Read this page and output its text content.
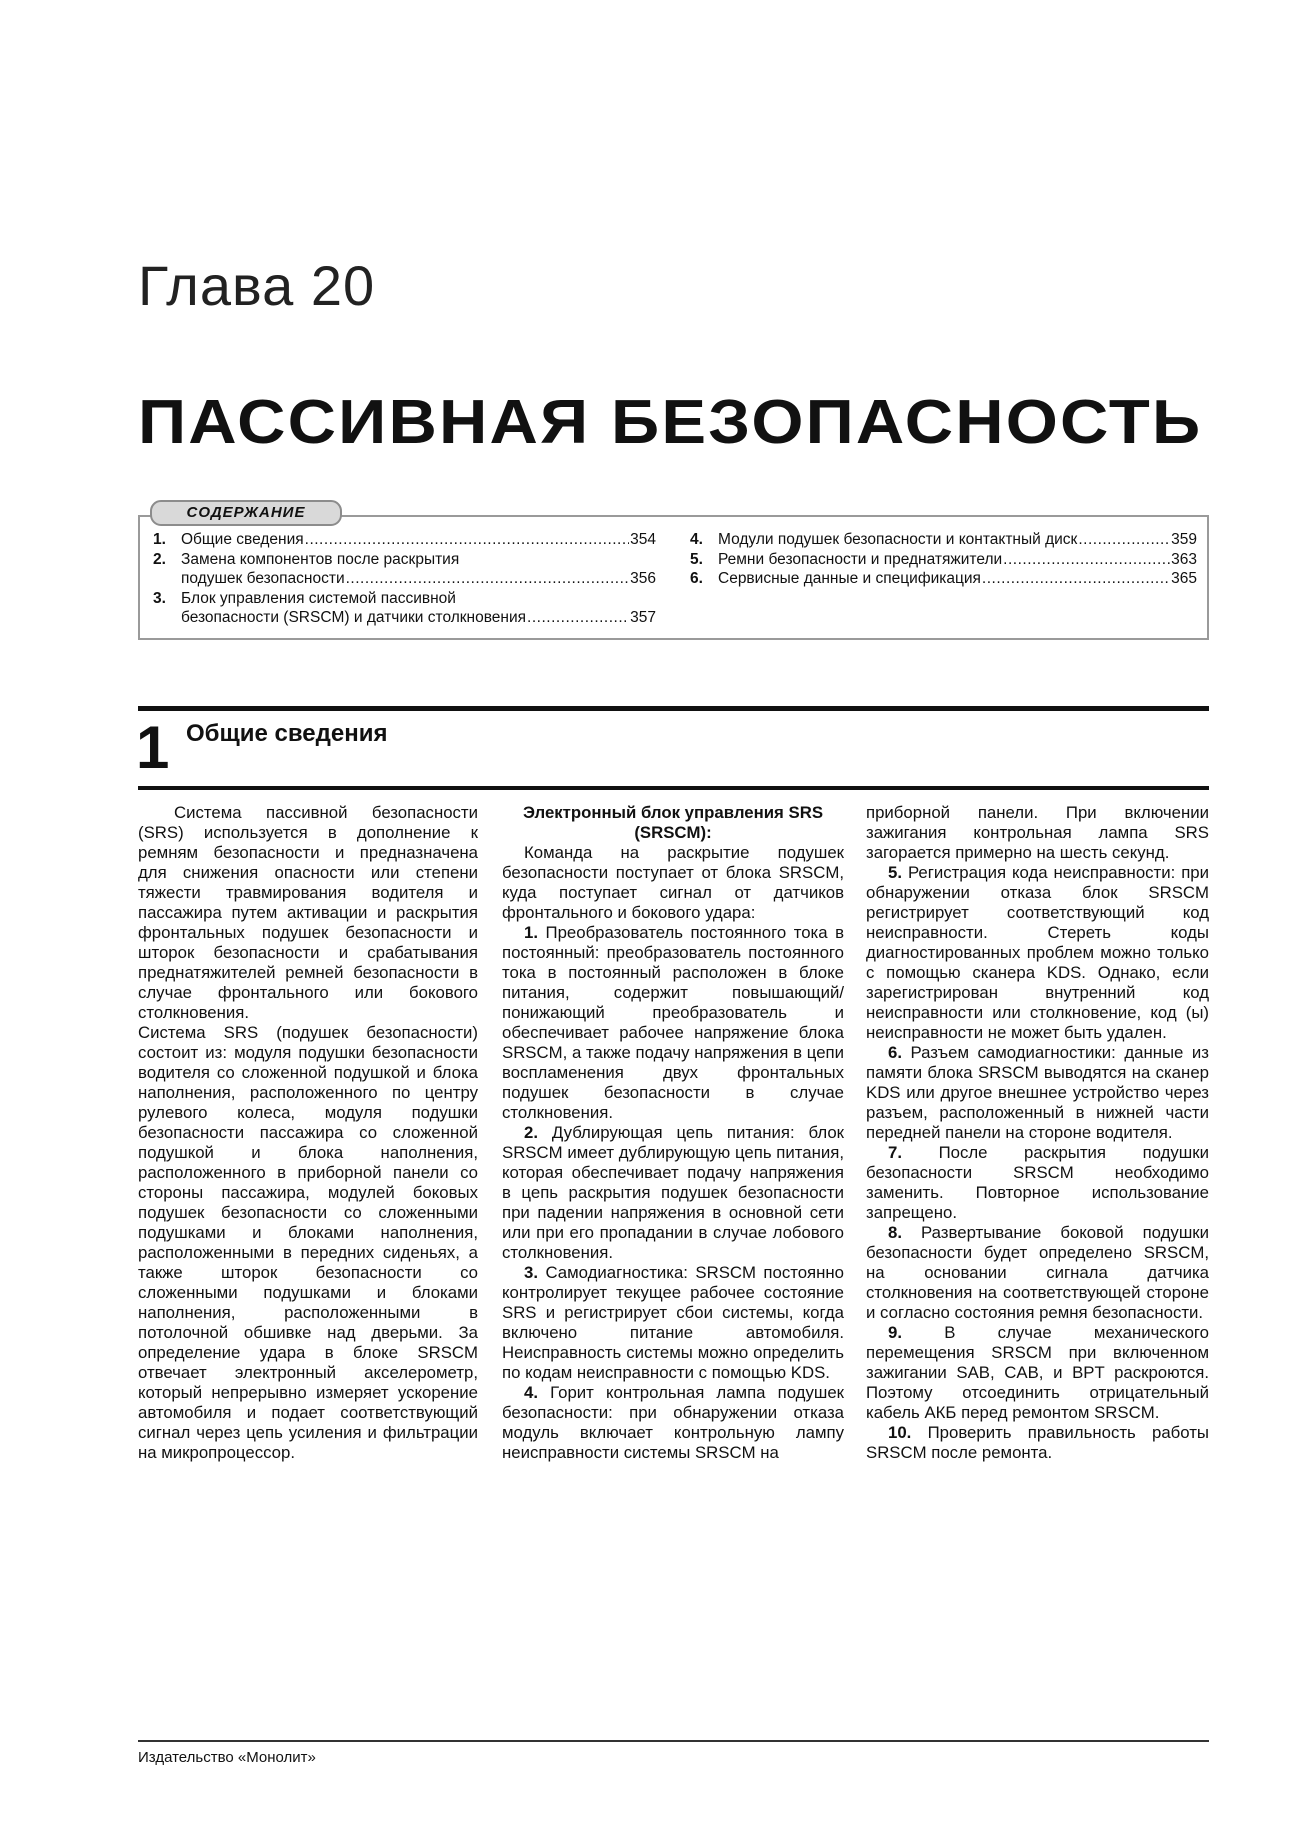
Глава 20
ПАССИВНАЯ БЕЗОПАСНОСТЬ
СОДЕРЖАНИЕ
1. Общие сведения .....	354
2. Замена компонентов после раскрытия
подушек безопасности .....	356
3. Блок управления системой пассивной
безопасности (SRSCM) и датчики столкновения .....	357
4. Модули подушек безопасности и контактный диск .....	359
5. Ремни безопасности и преднатяжители .....	363
6. Сервисные данные и спецификация .....	365
1 Общие сведения

Система пассивной безопасности (SRS) используется в дополнение к ремням безопасности и предназначена для снижения опасности или степени тяжести травмирования водителя и пассажира путем активации и раскрытия фронтальных подушек безопасности и шторок безопасности и срабатывания преднатяжителей ремней безопасности в случае фронтального или бокового столкновения.

Система SRS (подушек безопасности) состоит из: модуля подушки безопасности водителя со сложенной подушкой и блока наполнения, расположенного по центру рулевого колеса, модуля подушки безопасности пассажира со сложенной подушкой и блока наполнения, расположенного в приборной панели со стороны пассажира, модулей боковых подушек безопасности со сложенными подушками и блоками наполнения, расположенными в передних сиденьях, а также шторок безопасности со сложенными подушками и блоками наполнения, расположенными в потолочной обшивке над дверьми. За определение удара в блоке SRSCM отвечает электронный акселерометр, который непрерывно измеряет ускорение автомобиля и подает соответствующий сигнал через цепь усиления и фильтрации на микропроцессор.

Электронный блок управления SRS (SRSCM):

Команда на раскрытие подушек безопасности поступает от блока SRSCM, куда поступает сигнал от датчиков фронтального и бокового удара:

1. Преобразователь постоянного тока в постоянный: преобразователь постоянного тока в постоянный расположен в блоке питания, содержит повышающий/понижающий преобразователь и обеспечивает рабочее напряжение блока SRSCM, а также подачу напряжения в цепи воспламенения двух фронтальных подушек безопасности в случае столкновения.

2. Дублирующая цепь питания: блок SRSCM имеет дублирующую цепь питания, которая обеспечивает подачу напряжения в цепь раскрытия подушек безопасности при падении напряжения в основной сети или при его пропадании в случае лобового столкновения.

3. Самодиагностика: SRSCM постоянно контролирует текущее рабочее состояние SRS и регистрирует сбои системы, когда включено питание автомобиля. Неисправность системы можно определить по кодам неисправности с помощью KDS.

4. Горит контрольная лампа подушек безопасности: при обнаружении отказа модуль включает контрольную лампу неисправности системы SRSCM на

приборной панели. При включении зажигания контрольная лампа SRS загорается примерно на шесть секунд.

5. Регистрация кода неисправности: при обнаружении отказа блок SRSCM регистрирует соответствующий код неисправности. Стереть коды диагностированных проблем можно только с помощью сканера KDS. Однако, если зарегистрирован внутренний код неисправности или столкновение, код (ы) неисправности не может быть удален.

6. Разъем самодиагностики: данные из памяти блока SRSCM выводятся на сканер KDS или другое внешнее устройство через разъем, расположенный в нижней части передней панели на стороне водителя.

7. После раскрытия подушки безопасности SRSCM необходимо заменить. Повторное использование запрещено.

8. Развертывание боковой подушки безопасности будет определено SRSCM, на основании сигнала датчика столкновения на соответствующей стороне и согласно состояния ремня безопасности.

9.	В случае механического перемещения SRSCM при включенном зажигании SAB, CAB, и BPT раскроются. Поэтому отсоединить отрицательный кабель АКБ перед ремонтом SRSCM.

10. Проверить правильность работы SRSCM после ремонта.

Издательство «Монолит»
